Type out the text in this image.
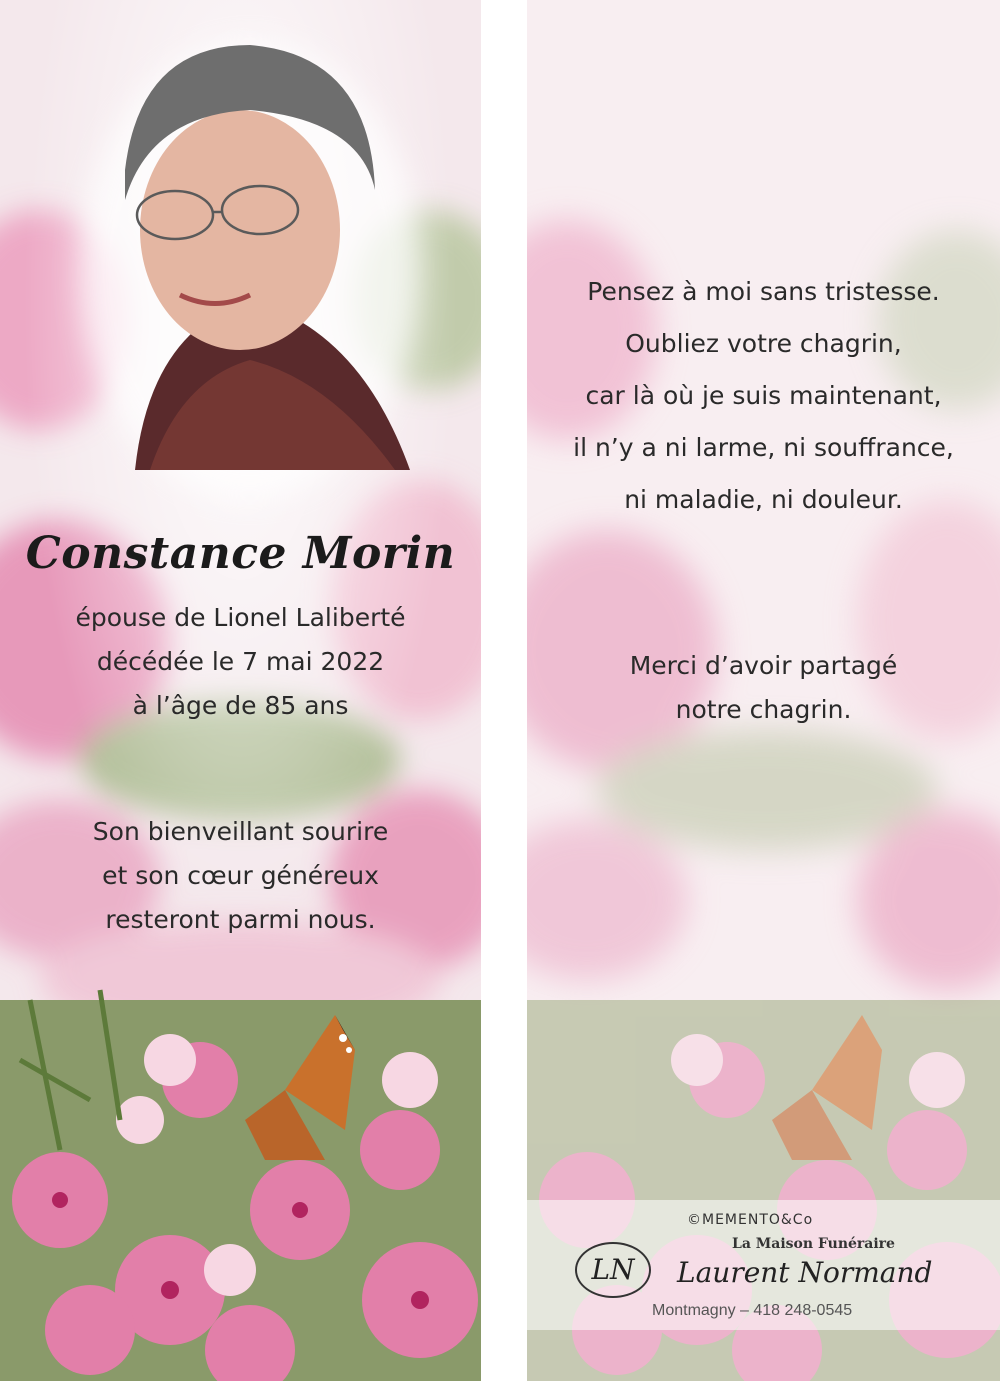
Constance Morin
épouse de Lionel Laliberté
décédée le 7 mai 2022
à l’âge de 85 ans
Son bienveillant sourire
et son cœur généreux
resteront parmi nous.
Pensez à moi sans tristesse.
Oubliez votre chagrin,
car là où je suis maintenant,
il n’y a ni larme, ni souffrance,
ni maladie, ni douleur.
Merci d’avoir partagé
notre chagrin.
©MEMENTO&Co
La Maison Funéraire
LN	Laurent Normand
Montmagny – 418 248-0545
